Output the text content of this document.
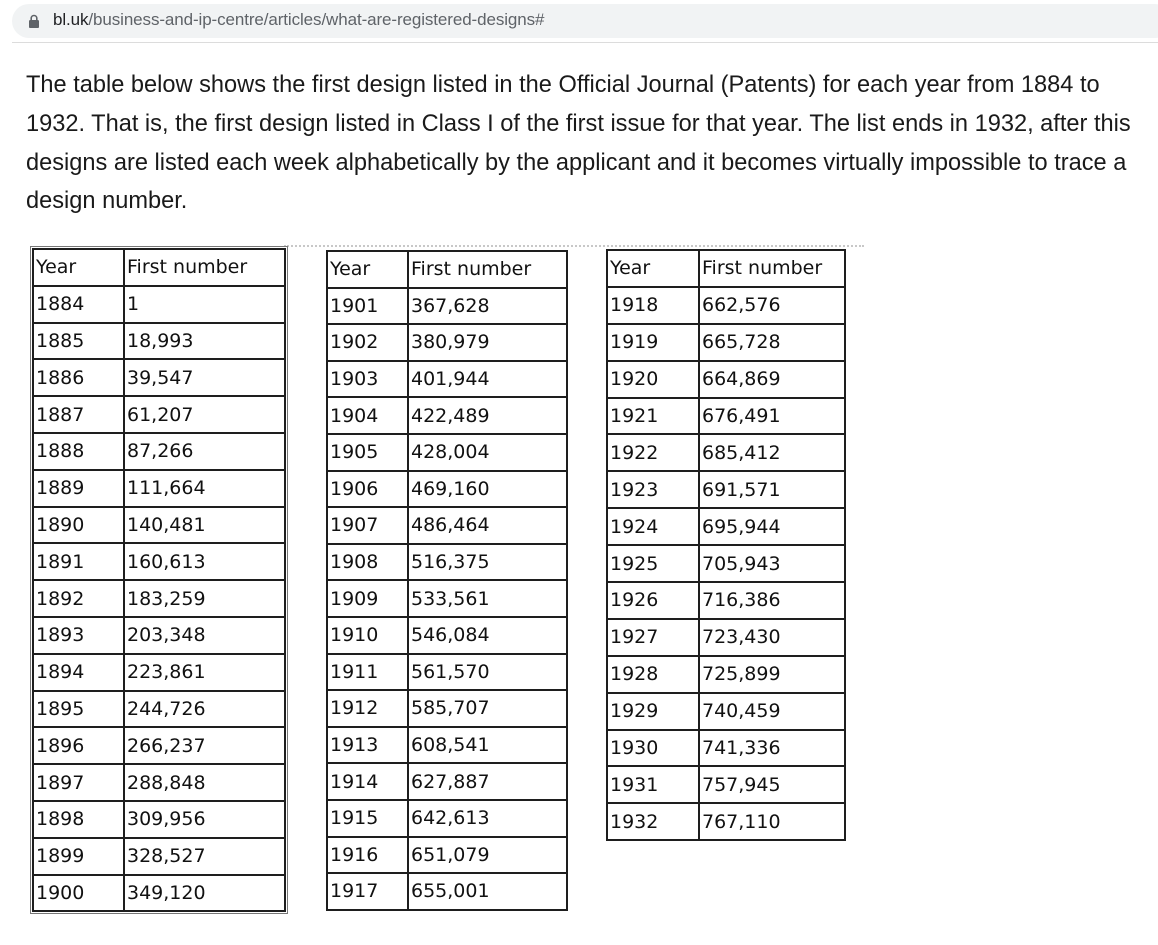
bl.uk/business-and-ip-centre/articles/what-are-registered-designs#

The table below shows the first design listed in the Official Journal (Patents) for each year from 1884 to 1932. That is, the first design listed in Class I of the first issue for that year. The list ends in 1932, after this designs are listed each week alphabetically by the applicant and it becomes virtually impossible to trace a design number.

Year	First number
1884	1
1885	18,993
1886	39,547
1887	61,207
1888	87,266
1889	111,664
1890	140,481
1891	160,613
1892	183,259
1893	203,348
1894	223,861
1895	244,726
1896	266,237
1897	288,848
1898	309,956
1899	328,527
1900	349,120
Year	First number
1901	367,628
1902	380,979
1903	401,944
1904	422,489
1905	428,004
1906	469,160
1907	486,464
1908	516,375
1909	533,561
1910	546,084
1911	561,570
1912	585,707
1913	608,541
1914	627,887
1915	642,613
1916	651,079
1917	655,001
Year	First number
1918	662,576
1919	665,728
1920	664,869
1921	676,491
1922	685,412
1923	691,571
1924	695,944
1925	705,943
1926	716,386
1927	723,430
1928	725,899
1929	740,459
1930	741,336
1931	757,945
1932	767,110
